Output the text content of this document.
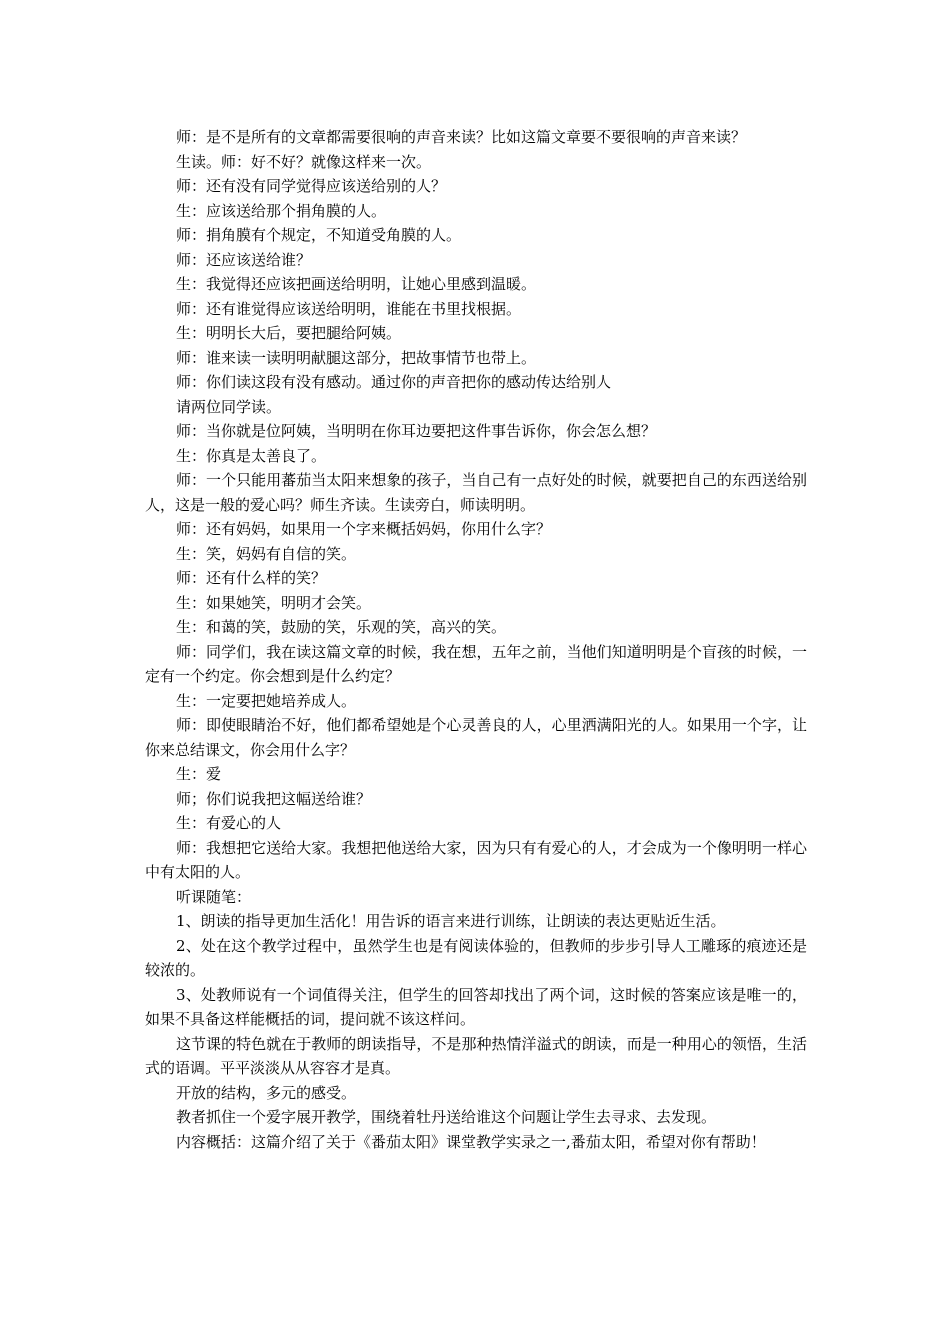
师：是不是所有的文章都需要很响的声音来读？比如这篇文章要不要很响的声音来读？

生读。师：好不好？就像这样来一次。

师：还有没有同学觉得应该送给别的人？

生：应该送给那个捐角膜的人。

师：捐角膜有个规定，不知道受角膜的人。

师：还应该送给谁？

生：我觉得还应该把画送给明明，让她心里感到温暖。

师：还有谁觉得应该送给明明，谁能在书里找根据。

生：明明长大后，要把腿给阿姨。

师：谁来读一读明明献腿这部分，把故事情节也带上。

师：你们读这段有没有感动。通过你的声音把你的感动传达给别人

请两位同学读。

师：当你就是位阿姨，当明明在你耳边要把这件事告诉你，你会怎么想？

生：你真是太善良了。

师：一个只能用蕃茄当太阳来想象的孩子，当自己有一点好处的时候，就要把自己的东西送给别人，这是一般的爱心吗？师生齐读。生读旁白，师读明明。

师：还有妈妈，如果用一个字来概括妈妈，你用什么字？

生：笑，妈妈有自信的笑。

师：还有什么样的笑？

生：如果她笑，明明才会笑。

生：和蔼的笑，鼓励的笑，乐观的笑，高兴的笑。

师：同学们，我在读这篇文章的时候，我在想，五年之前，当他们知道明明是个盲孩的时候，一定有一个约定。你会想到是什么约定？

生：一定要把她培养成人。

师：即使眼睛治不好，他们都希望她是个心灵善良的人，心里洒满阳光的人。如果用一个字，让你来总结课文，你会用什么字？

生：爱

师；你们说我把这幅送给谁？

生：有爱心的人

师：我想把它送给大家。我想把他送给大家，因为只有有爱心的人，才会成为一个像明明一样心中有太阳的人。

听课随笔：

1、朗读的指导更加生活化！用告诉的语言来进行训练，让朗读的表达更贴近生活。

2、处在这个教学过程中，虽然学生也是有阅读体验的，但教师的步步引导人工雕琢的痕迹还是较浓的。

3、处教师说有一个词值得关注，但学生的回答却找出了两个词，这时候的答案应该是唯一的，如果不具备这样能概括的词，提问就不该这样问。

这节课的特色就在于教师的朗读指导，不是那种热情洋溢式的朗读，而是一种用心的领悟，生活式的语调。平平淡淡从从容容才是真。

开放的结构，多元的感受。

教者抓住一个爱字展开教学，围绕着牡丹送给谁这个问题让学生去寻求、去发现。

内容概括：这篇介绍了关于《番茄太阳》课堂教学实录之一,番茄太阳，希望对你有帮助！
